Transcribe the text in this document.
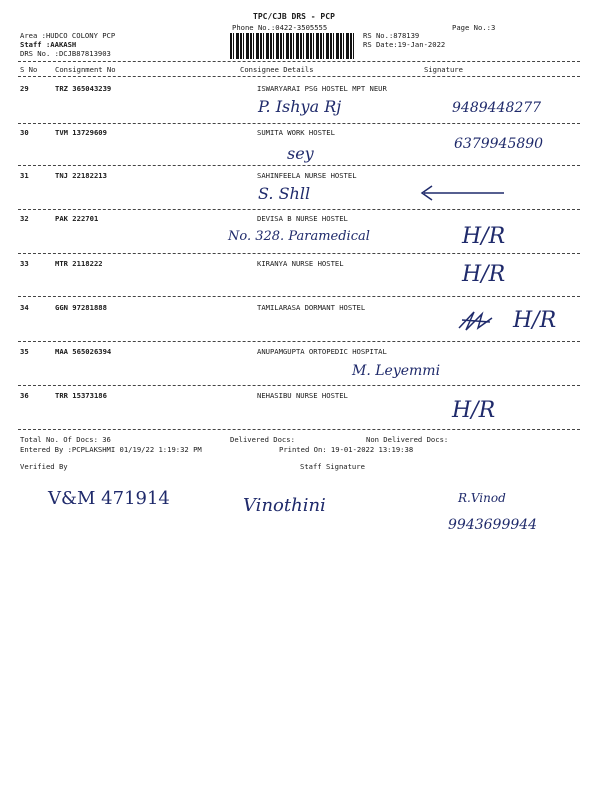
TPC/CJB DRS - PCP
Phone No.:0422-3505555	Page No.:3
Area :HUDCO COLONY PCP
Staff :AAKASH
DRS No. :DCJB87813903
RS No.:878139
RS Date:19-Jan-2022
S No Consignment No	Consignee Details	Signature
29	TRZ 365043239	ISWARYARAI PSG HOSTEL MPT NEUR
P. Ishya Rj	9489448277
30	TVM 13729609	SUMITA WORK HOSTEL
sey	6379945890
31	TNJ 22182213	SAHINFEELA NURSE HOSTEL
S. Shll
32	PAK 222701	DEVISA B NURSE HOSTEL
No. 328. Paramedical	H/R
33	MTR 2118222	KIRANYA NURSE HOSTEL	H/R
34	GGN 97281888	TAMILARASA DORMANT HOSTEL
H/R
35	MAA 565026394	ANUPAMGUPTA ORTOPEDIC HOSPITAL
M. Leyemmi
36	TRR 15373186	NEHASIBU NURSE HOSTEL
H/R
Total No. Of Docs: 36	Delivered Docs:	Non Delivered Docs:
Entered By :PCPLAKSHMI 01/19/22 1:19:32 PM	Printed On: 19-01-2022 13:19:38
Verified By	Staff Signature
V&M 471914	Vinothini	R.Vinod
9943699944
